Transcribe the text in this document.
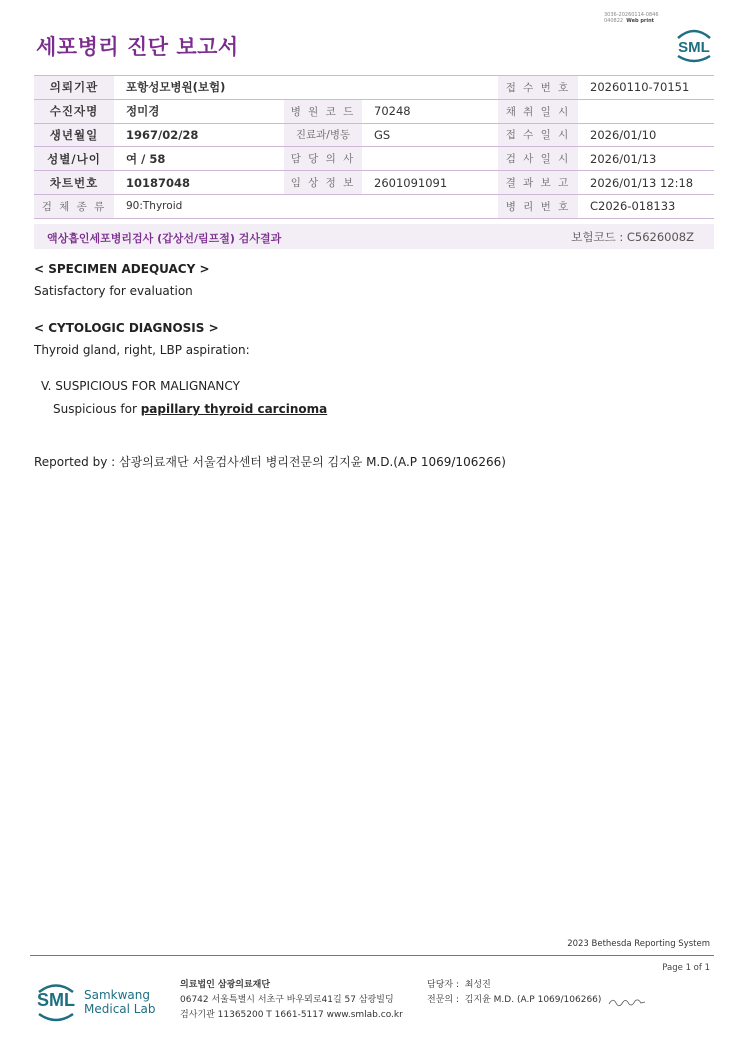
세포병리 진단 보고서
3036-20260114-0846
040822 Web print
SML
의뢰기관	포항성모병원(보험)			접 수 번 호	20260110-70151
수진자명	정미경	병 원 코 드	70248	채 취 일 시	
생년월일	1967/02/28	진료과/병동	GS	접 수 일 시	2026/01/10
성별/나이	여 / 58	담 당 의 사		검 사 일 시	2026/01/13
차트번호	10187048	임 상 정 보	2601091091	결 과 보 고	2026/01/13 12:18
검 체 종 류	90:Thyroid			병 리 번 호	C2026-018133
액상흡인세포병리검사 (갑상선/림프절) 검사결과	보험코드 : C5626008Z
< SPECIMEN ADEQUACY >
Satisfactory for evaluation
< CYTOLOGIC DIAGNOSIS >
Thyroid gland, right, LBP aspiration:
V. SUSPICIOUS FOR MALIGNANCY
Suspicious for papillary thyroid carcinoma
Reported by : 삼광의료재단 서울검사센터 병리전문의 김지윤 M.D.(A.P 1069/106266)
2023 Bethesda Reporting System
Page 1 of 1
SML Samkwang
Medical Lab
의료법인 삼광의료재단
06742 서울특별시 서초구 바우뫼로41길 57 삼광빌딩
검사기관 11365200 T 1661-5117 www.smlab.co.kr
담당자 : 최성진
전문의 : 김지윤 M.D. (A.P 1069/106266)
